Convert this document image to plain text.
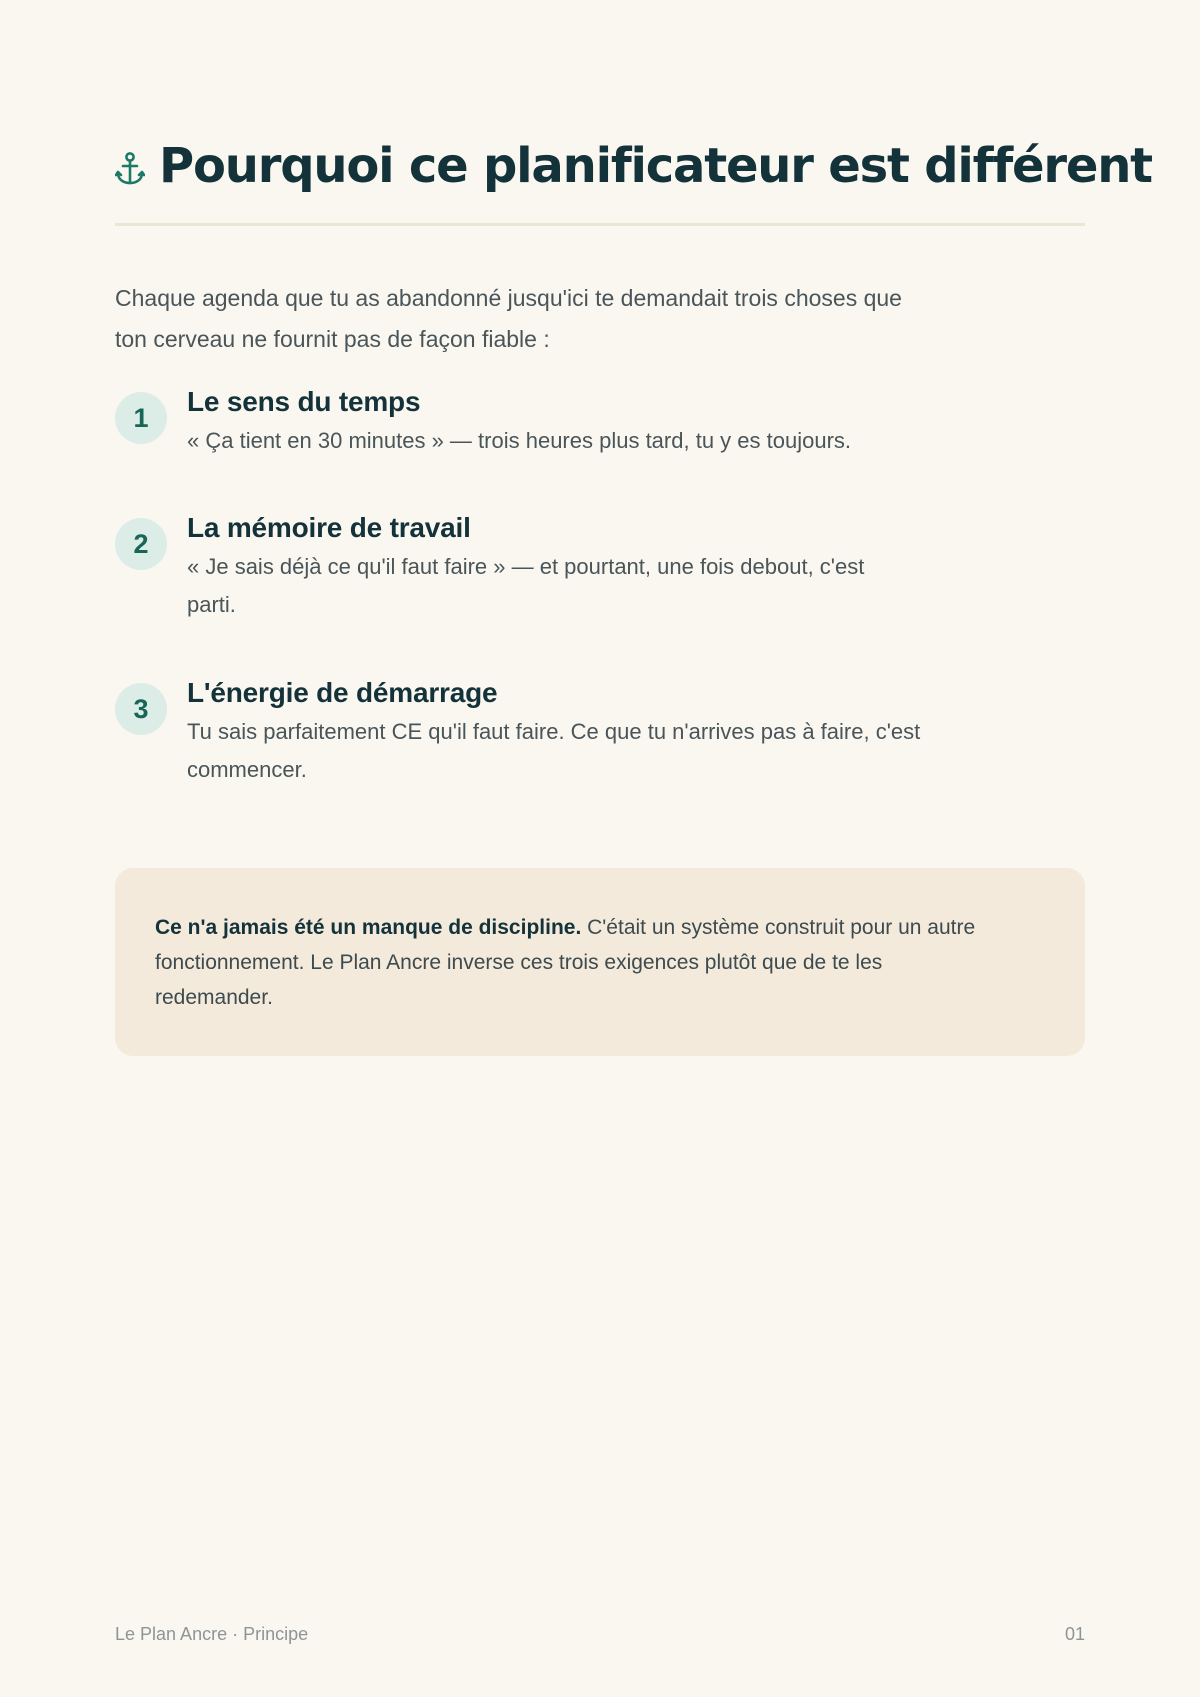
Pourquoi ce planificateur est différent
Chaque agenda que tu as abandonné jusqu'ici te demandait trois choses que
ton cerveau ne fournit pas de façon fiable :
1
Le sens du temps

« Ça tient en 30 minutes » — trois heures plus tard, tu y es toujours.

2
La mémoire de travail

« Je sais déjà ce qu'il faut faire » — et pourtant, une fois debout, c'est
parti.

3
L'énergie de démarrage

Tu sais parfaitement CE qu'il faut faire. Ce que tu n'arrives pas à faire, c'est
commencer.

Ce n'a jamais été un manque de discipline. C'était un système construit pour un autre
fonctionnement. Le Plan Ancre inverse ces trois exigences plutôt que de te les
redemander.
Le Plan Ancre · Principe	01
